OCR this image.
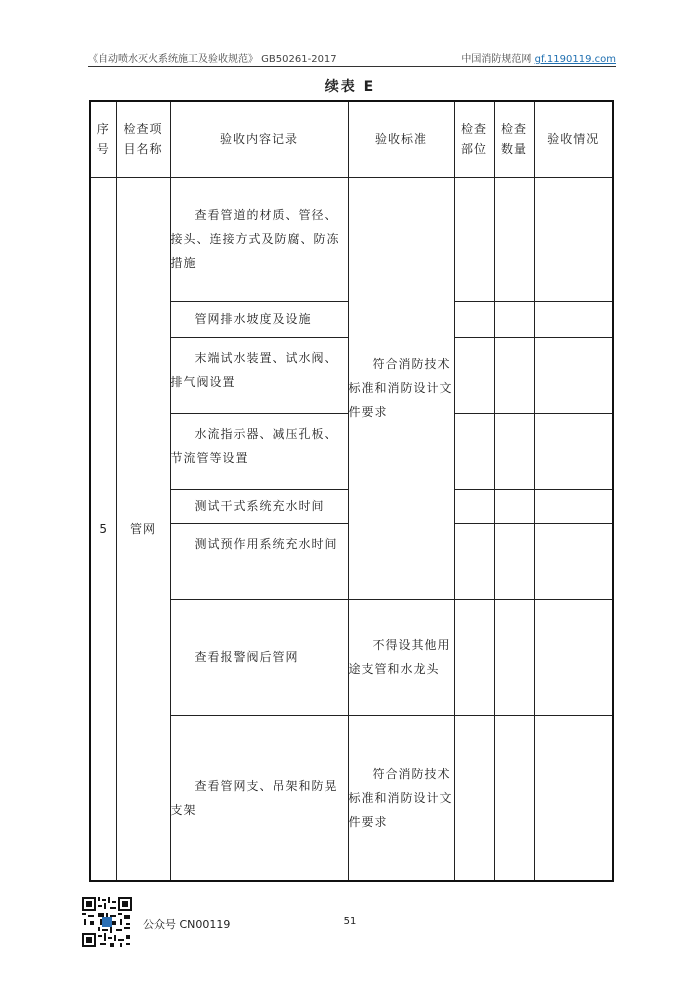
《自动喷水灭火系统施工及验收规范》 GB50261-2017	中国消防规范网 gf.1190119.com
续表 E
序号	检查项目名称	验收内容记录	验收标准	检查部位	检查数量	验收情况
5	管网	查看管道的材质、管径、接头、连接方式及防腐、防冻措施	符合消防技术标准和消防设计文件要求			

		管网排水坡度及设施				

		末端试水装置、试水阀、排气阀设置				

		水流指示器、减压孔板、节流管等设置				

		测试干式系统充水时间				

		测试预作用系统充水时间				

		查看报警阀后管网	不得设其他用途支管和水龙头			

		查看管网支、吊架和防晃支架	符合消防技术标准和消防设计文件要求			

公众号 CN00119	51
